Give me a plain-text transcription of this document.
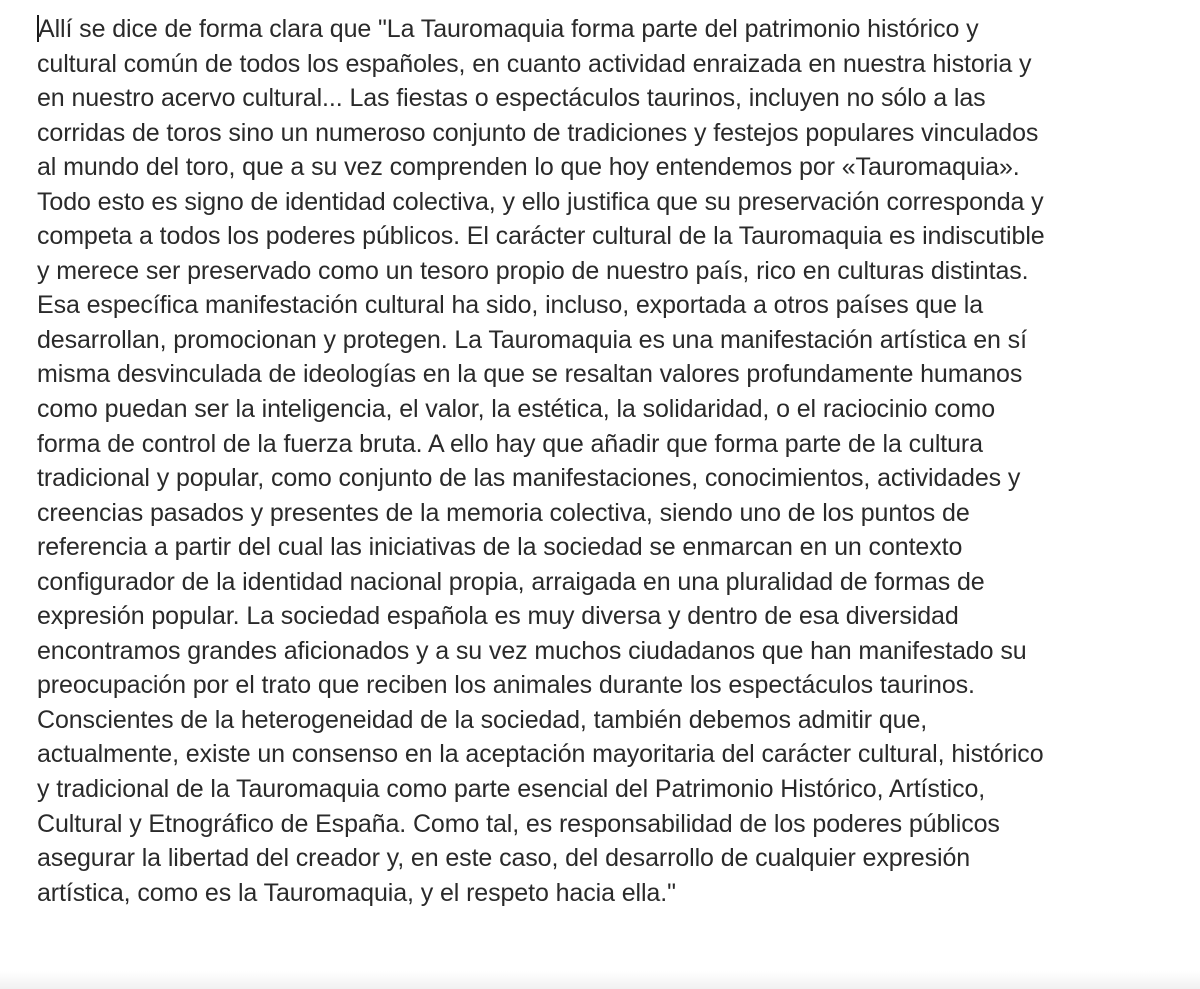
Allí se dice de forma clara que "La Tauromaquia forma parte del patrimonio histórico y
cultural común de todos los españoles, en cuanto actividad enraizada en nuestra historia y
en nuestro acervo cultural... Las fiestas o espectáculos taurinos, incluyen no sólo a las
corridas de toros sino un numeroso conjunto de tradiciones y festejos populares vinculados
al mundo del toro, que a su vez comprenden lo que hoy entendemos por «Tauromaquia».
Todo esto es signo de identidad colectiva, y ello justifica que su preservación corresponda y
competa a todos los poderes públicos. El carácter cultural de la Tauromaquia es indiscutible
y merece ser preservado como un tesoro propio de nuestro país, rico en culturas distintas.
Esa específica manifestación cultural ha sido, incluso, exportada a otros países que la
desarrollan, promocionan y protegen. La Tauromaquia es una manifestación artística en sí
misma desvinculada de ideologías en la que se resaltan valores profundamente humanos
como puedan ser la inteligencia, el valor, la estética, la solidaridad, o el raciocinio como
forma de control de la fuerza bruta. A ello hay que añadir que forma parte de la cultura
tradicional y popular, como conjunto de las manifestaciones, conocimientos, actividades y
creencias pasados y presentes de la memoria colectiva, siendo uno de los puntos de
referencia a partir del cual las iniciativas de la sociedad se enmarcan en un contexto
configurador de la identidad nacional propia, arraigada en una pluralidad de formas de
expresión popular. La sociedad española es muy diversa y dentro de esa diversidad
encontramos grandes aficionados y a su vez muchos ciudadanos que han manifestado su
preocupación por el trato que reciben los animales durante los espectáculos taurinos.
Conscientes de la heterogeneidad de la sociedad, también debemos admitir que,
actualmente, existe un consenso en la aceptación mayoritaria del carácter cultural, histórico
y tradicional de la Tauromaquia como parte esencial del Patrimonio Histórico, Artístico,
Cultural y Etnográfico de España. Como tal, es responsabilidad de los poderes públicos
asegurar la libertad del creador y, en este caso, del desarrollo de cualquier expresión
artística, como es la Tauromaquia, y el respeto hacia ella."
